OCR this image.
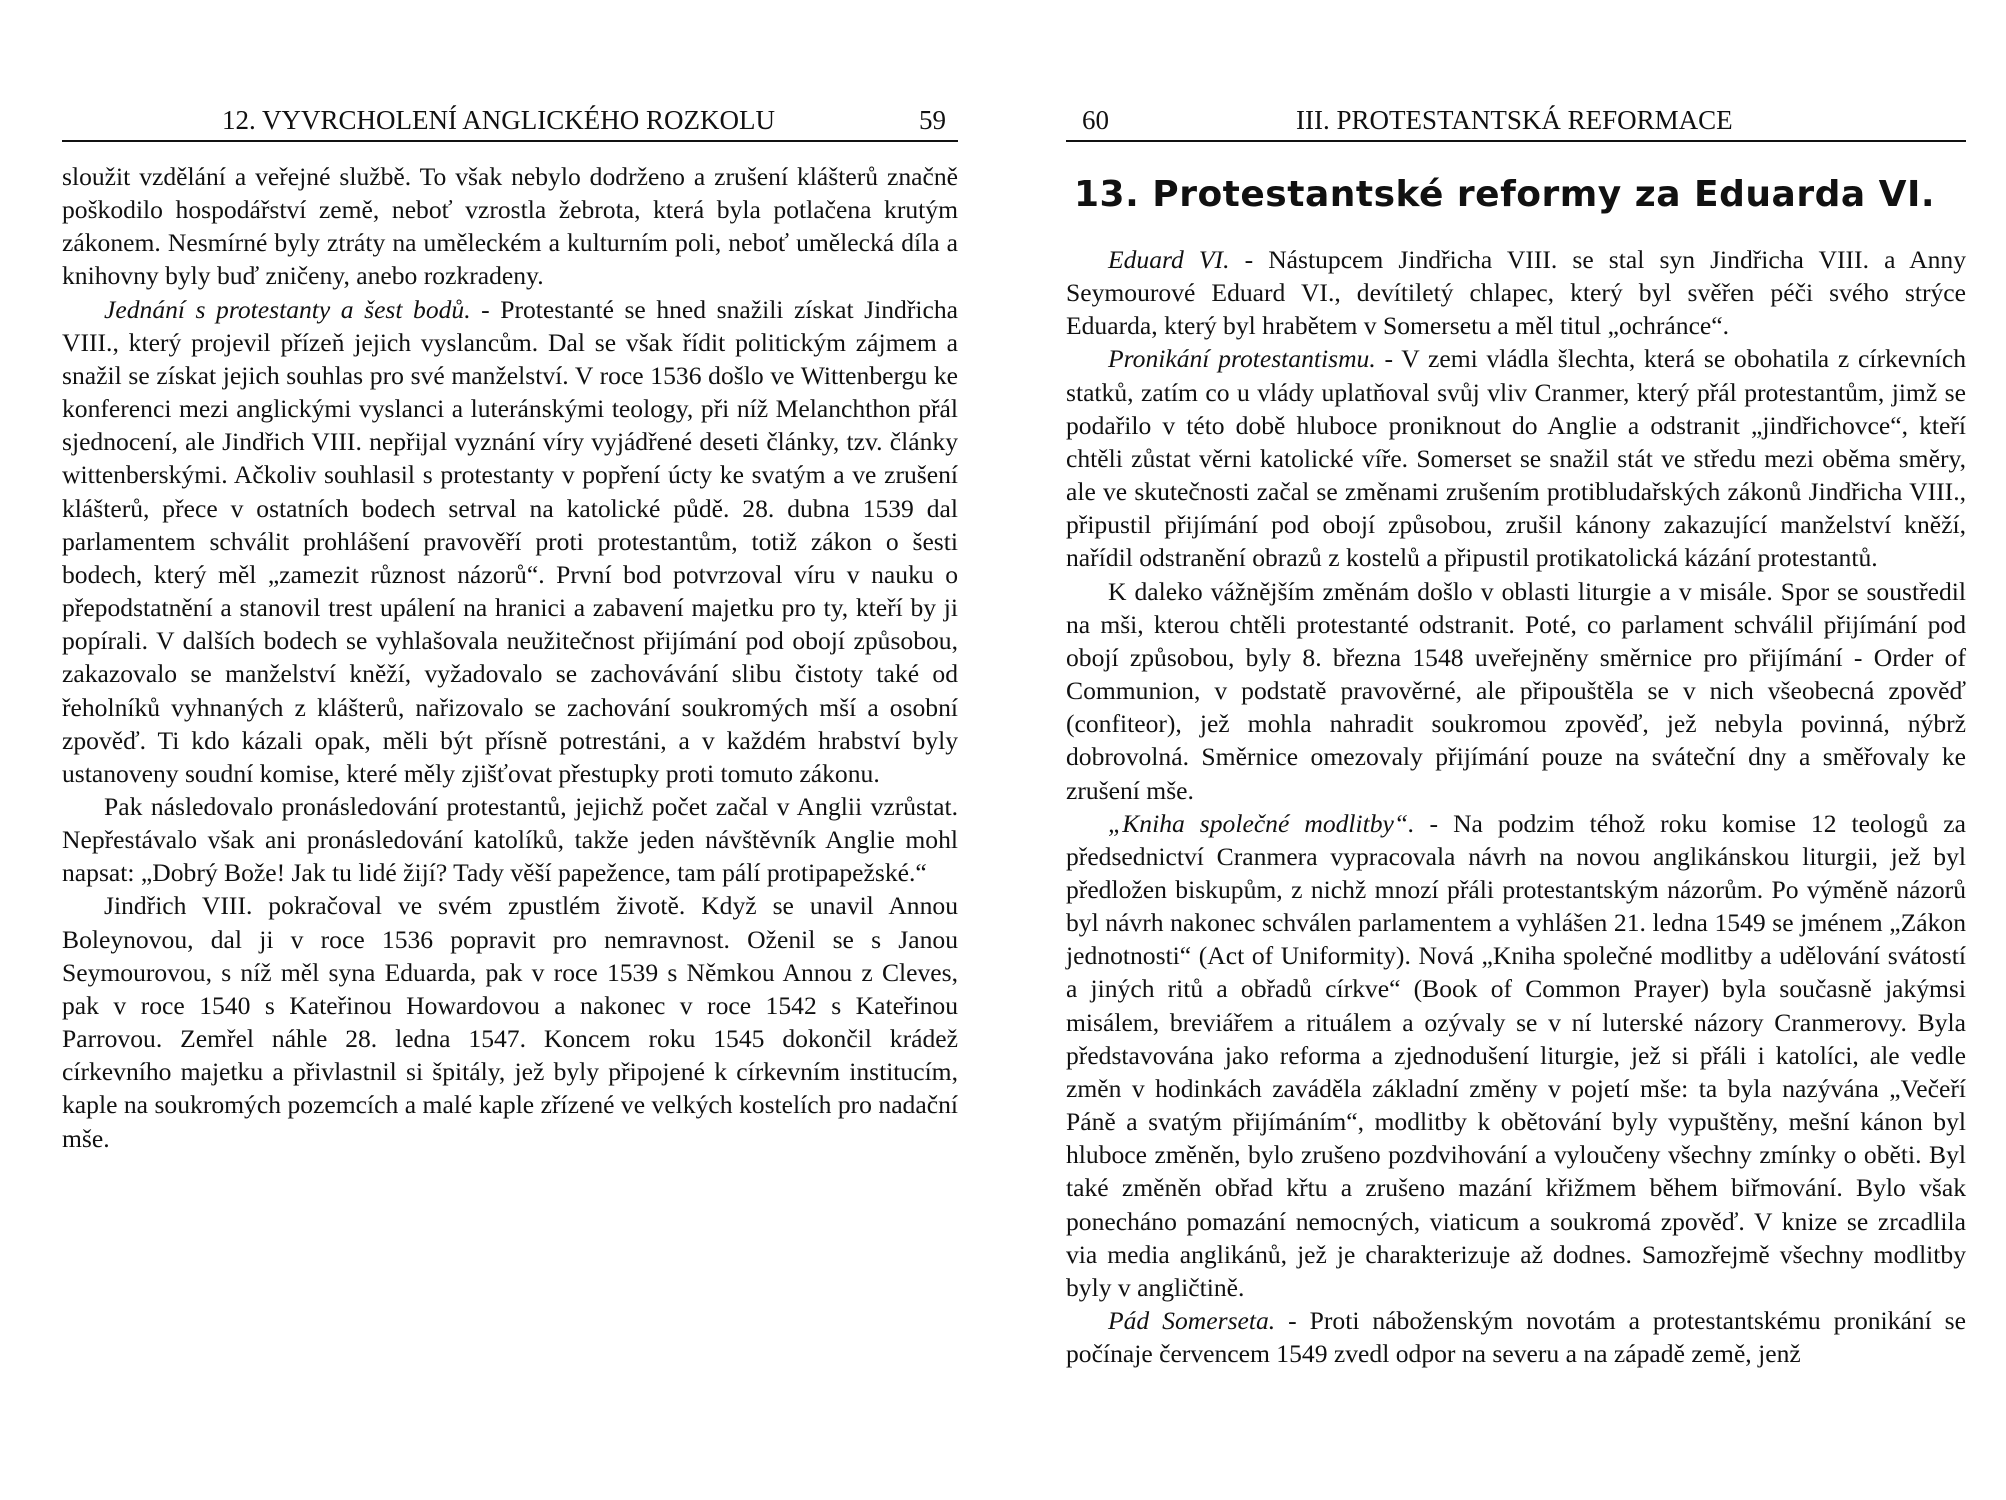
12. VYVRCHOLENÍ ANGLICKÉHO ROZKOLU	59

sloužit vzdělání a veřejné službě. To však nebylo dodrženo a zrušení klášterů značně poškodilo hospodářství země, neboť vzrostla žebrota, která byla potlačena krutým zákonem. Nesmírné byly ztráty na uměleckém a kulturním poli, neboť umělecká díla a knihovny byly buď zničeny, anebo rozkradeny.

Jednání s protestanty a šest bodů. - Protestanté se hned snažili získat Jindřicha VIII., který projevil přízeň jejich vyslancům. Dal se však řídit politickým zájmem a snažil se získat jejich souhlas pro své manželství. V roce 1536 došlo ve Wittenbergu ke konferenci mezi anglickými vyslanci a luteránskými teology, při níž Melanchthon přál sjednocení, ale Jindřich VIII. nepřijal vyznání víry vyjádřené deseti články, tzv. články wittenberskými. Ačkoliv souhlasil s protestanty v popření úcty ke svatým a ve zrušení klášterů, přece v ostatních bodech setrval na katolické půdě. 28. dubna 1539 dal parlamentem schválit prohlášení pravověří proti protestantům, totiž zákon o šesti bodech, který měl „zamezit různost názorů“. První bod potvrzoval víru v nauku o přepodstatnění a stanovil trest upálení na hranici a zabavení majetku pro ty, kteří by ji popírali. V dalších bodech se vyhlašovala neužitečnost přijímání pod obojí způsobou, zakazovalo se manželství kněží, vyžadovalo se zachovávání slibu čistoty také od řeholníků vyhnaných z klášterů, nařizovalo se zachování soukromých mší a osobní zpověď. Ti kdo kázali opak, měli být přísně potrestáni, a v každém hrabství byly ustanoveny soudní komise, které měly zjišťovat přestupky proti tomuto zákonu.

Pak následovalo pronásledování protestantů, jejichž počet začal v Anglii vzrůstat. Nepřestávalo však ani pronásledování katolíků, takže jeden návštěvník Anglie mohl napsat: „Dobrý Bože! Jak tu lidé žijí? Tady věší papežence, tam pálí protipapežské.“

Jindřich VIII. pokračoval ve svém zpustlém životě. Když se unavil Annou Boleynovou, dal ji v roce 1536 popravit pro nemravnost. Oženil se s Janou Seymourovou, s níž měl syna Eduarda, pak v roce 1539 s Němkou Annou z Cleves, pak v roce 1540 s Kateřinou Howardovou a nakonec v roce 1542 s Kateřinou Parrovou. Zemřel náhle 28. ledna 1547. Koncem roku 1545 dokončil krádež církevního majetku a přivlastnil si špitály, jež byly připojené k církevním institucím, kaple na soukromých pozemcích a malé kaple zřízené ve velkých kostelích pro nadační mše.

60	III. PROTESTANTSKÁ REFORMACE
13. Protestantské reformy za Eduarda VI.

Eduard VI. - Nástupcem Jindřicha VIII. se stal syn Jindřicha VIII. a Anny Seymourové Eduard VI., devítiletý chlapec, který byl svěřen péči svého strýce Eduarda, který byl hrabětem v Somersetu a měl titul „ochránce“.

Pronikání protestantismu. - V zemi vládla šlechta, která se obohatila z církevních statků, zatím co u vlády uplatňoval svůj vliv Cranmer, který přál protestantům, jimž se podařilo v této době hluboce proniknout do Anglie a odstranit „jindřichovce“, kteří chtěli zůstat věrni katolické víře. Somerset se snažil stát ve středu mezi oběma směry, ale ve skutečnosti začal se změnami zrušením protibludařských zákonů Jindřicha VIII., připustil přijímání pod obojí způsobou, zrušil kánony zakazující manželství kněží, nařídil odstranění obrazů z kostelů a připustil protikatolická kázání protestantů.

K daleko vážnějším změnám došlo v oblasti liturgie a v misále. Spor se soustředil na mši, kterou chtěli protestanté odstranit. Poté, co parlament schválil přijímání pod obojí způsobou, byly 8. března 1548 uveřejněny směrnice pro přijímání - Order of Communion, v podstatě pravověrné, ale připouštěla se v nich všeobecná zpověď (confiteor), jež mohla nahradit soukromou zpověď, jež nebyla povinná, nýbrž dobrovolná. Směrnice omezovaly přijímání pouze na sváteční dny a směřovaly ke zrušení mše.

„Kniha společné modlitby“. - Na podzim téhož roku komise 12 teologů za předsednictví Cranmera vypracovala návrh na novou anglikánskou liturgii, jež byl předložen biskupům, z nichž mnozí přáli protestantským názorům. Po výměně názorů byl návrh nakonec schválen parlamentem a vyhlášen 21. ledna 1549 se jménem „Zákon jednotnosti“ (Act of Uniformity). Nová „Kniha společné modlitby a udělování svátostí a jiných ritů a obřadů církve“ (Book of Common Prayer) byla současně jakýmsi misálem, breviářem a rituálem a ozývaly se v ní luterské názory Cranmerovy. Byla představována jako reforma a zjednodušení liturgie, jež si přáli i katolíci, ale vedle změn v hodinkách zaváděla základní změny v pojetí mše: ta byla nazývána „Večeří Páně a svatým přijímáním“, modlitby k obětování byly vypuštěny, mešní kánon byl hluboce změněn, bylo zrušeno pozdvihování a vyloučeny všechny zmínky o oběti. Byl také změněn obřad křtu a zrušeno mazání křižmem během biřmování. Bylo však ponecháno pomazání nemocných, viaticum a soukromá zpověď. V knize se zrcadlila via media anglikánů, jež je charakterizuje až dodnes. Samozřejmě všechny modlitby byly v angličtině.

Pád Somerseta. - Proti náboženským novotám a protestantskému pronikání se počínaje červencem 1549 zvedl odpor na severu a na západě země, jenž
